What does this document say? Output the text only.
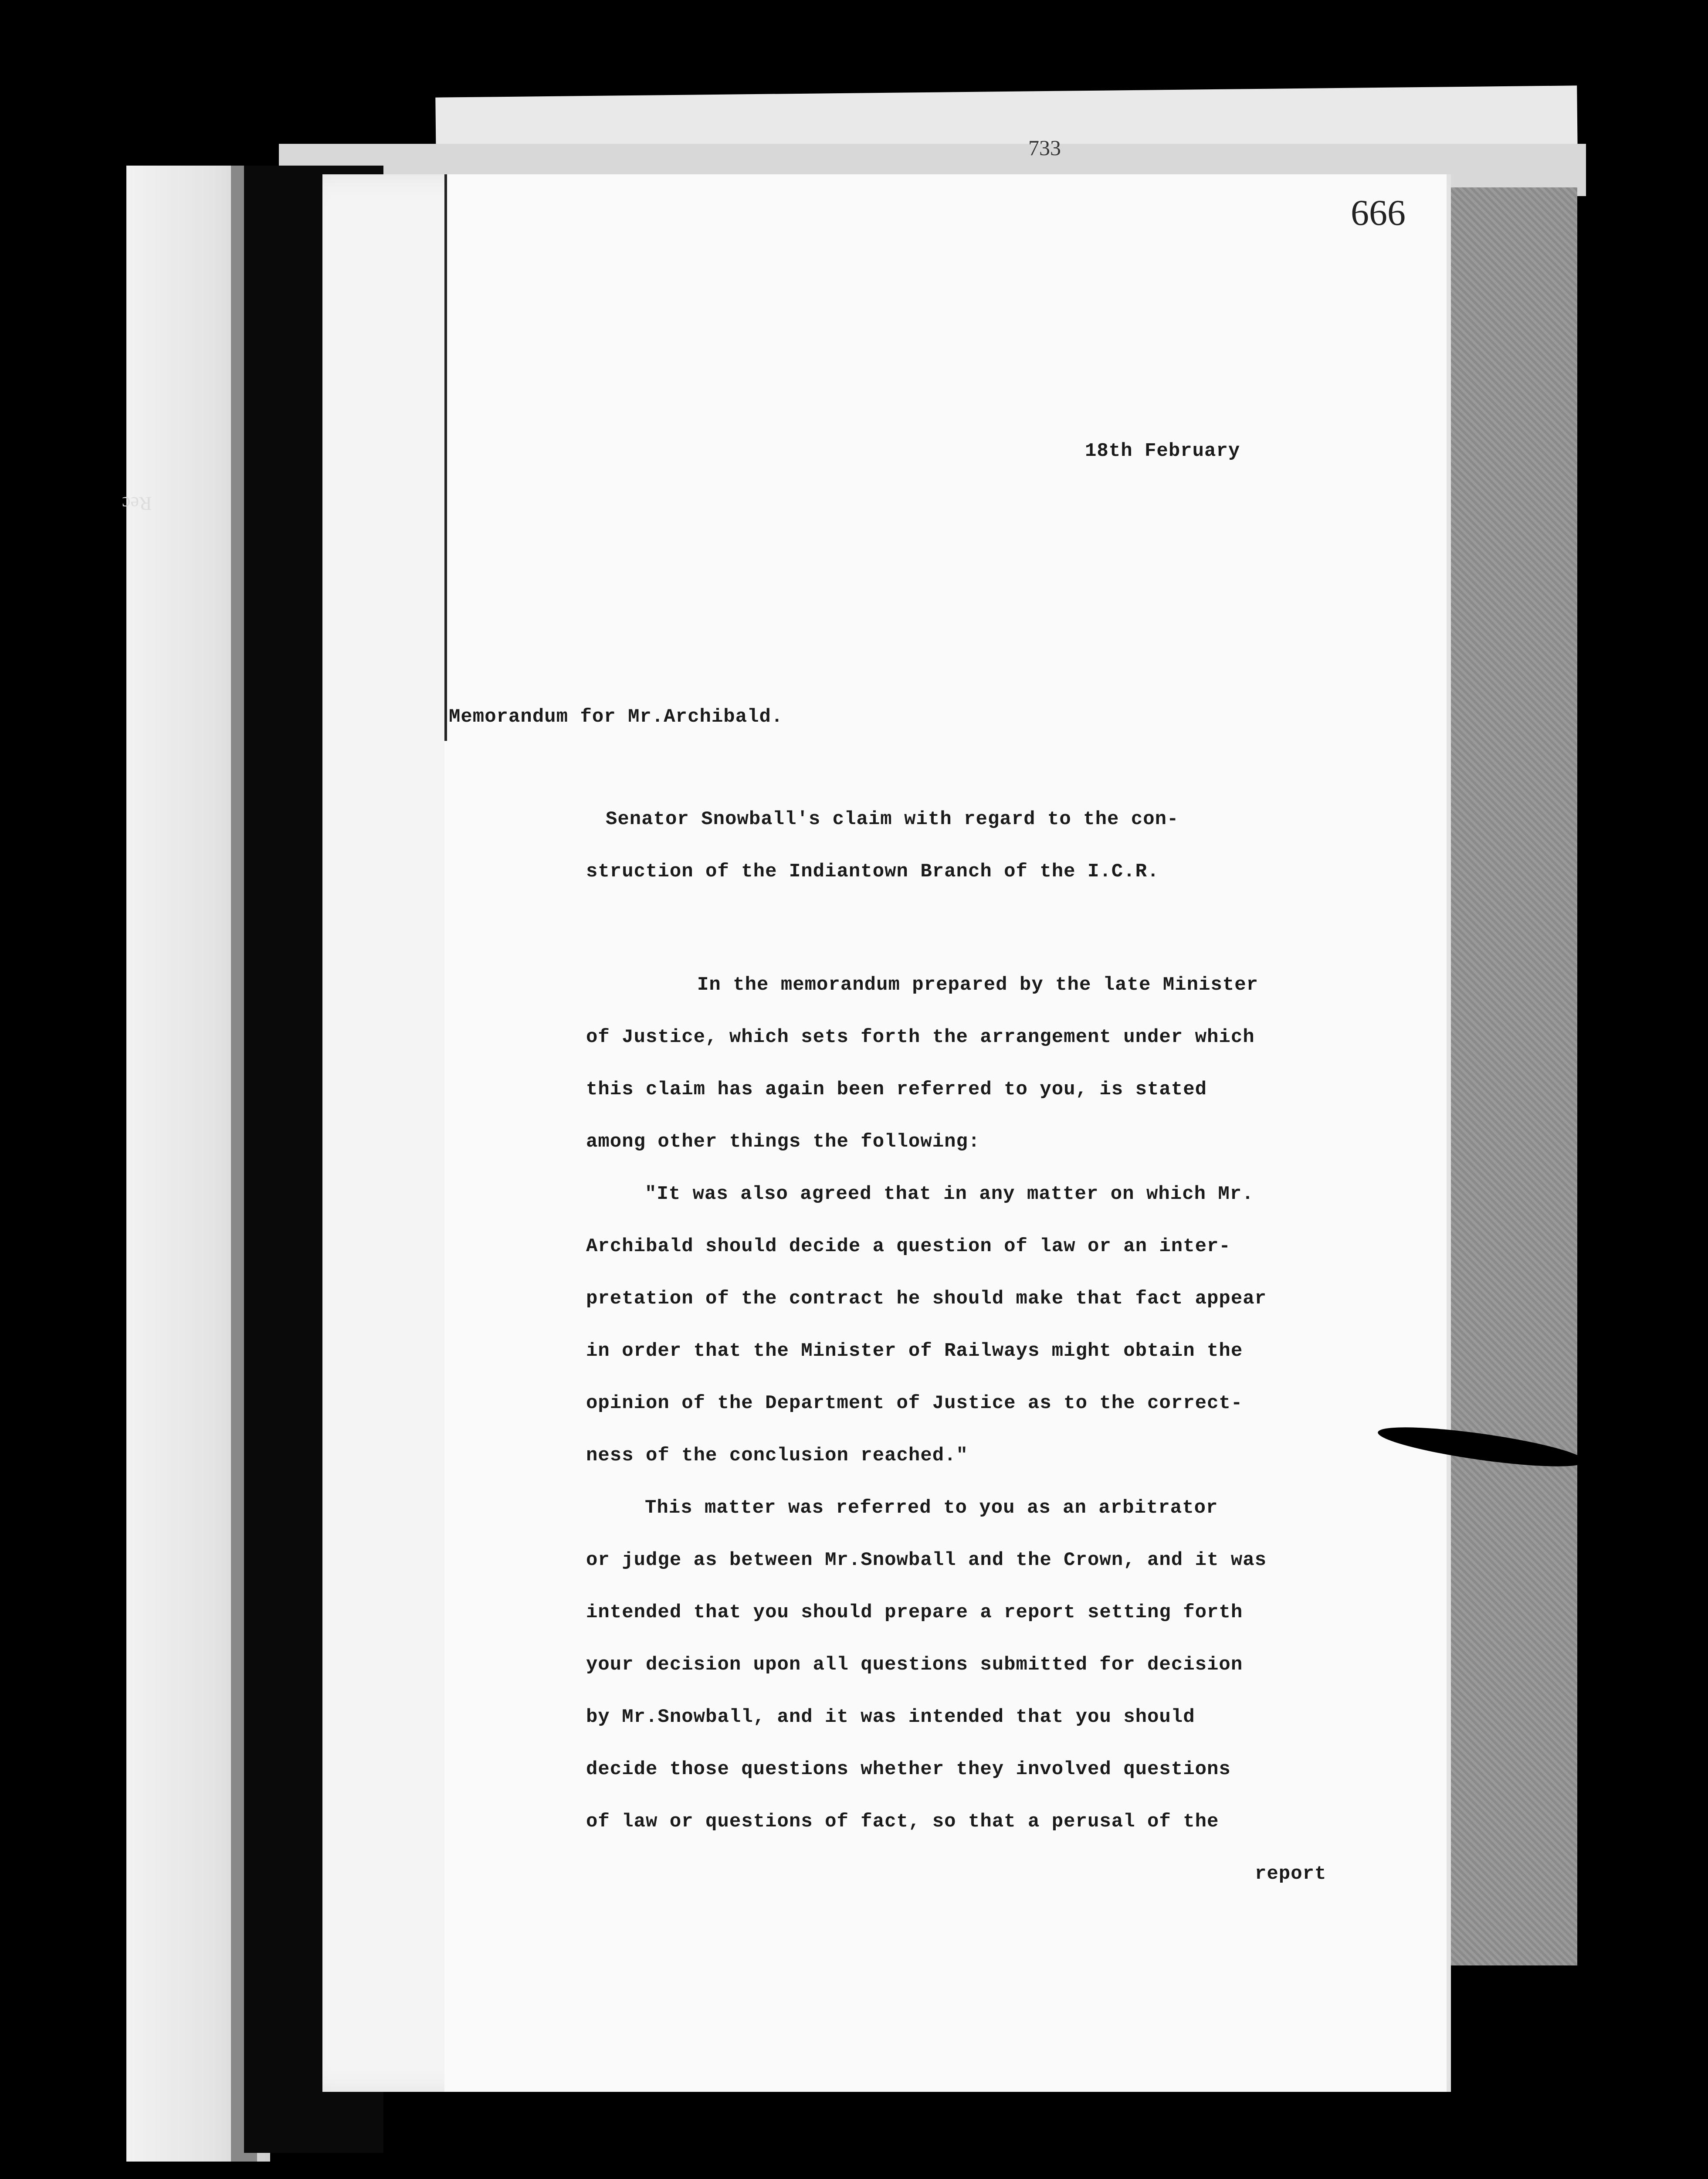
733
666
Rec
18th February
Memorandum for Mr.Archibald.
Senator Snowball's claim with regard to the con-
struction of the Indiantown Branch of the I.C.R.
In the memorandum prepared by the late Minister
of Justice, which sets forth the arrangement under which
this claim has again been referred to you, is stated
among other things the following:
"It was also agreed that in any matter on which Mr.
Archibald should decide a question of law or an inter-
pretation of the contract he should make that fact appear
in order that the Minister of Railways might obtain the
opinion of the Department of Justice as to the correct-
ness of the conclusion reached."
This matter was referred to you as an arbitrator
or judge as between Mr.Snowball and the Crown, and it was
intended that you should prepare a report setting forth
your decision upon all questions submitted for decision
by Mr.Snowball, and it was intended that you should
decide those questions whether they involved questions
of law or questions of fact, so that a perusal of the
report
